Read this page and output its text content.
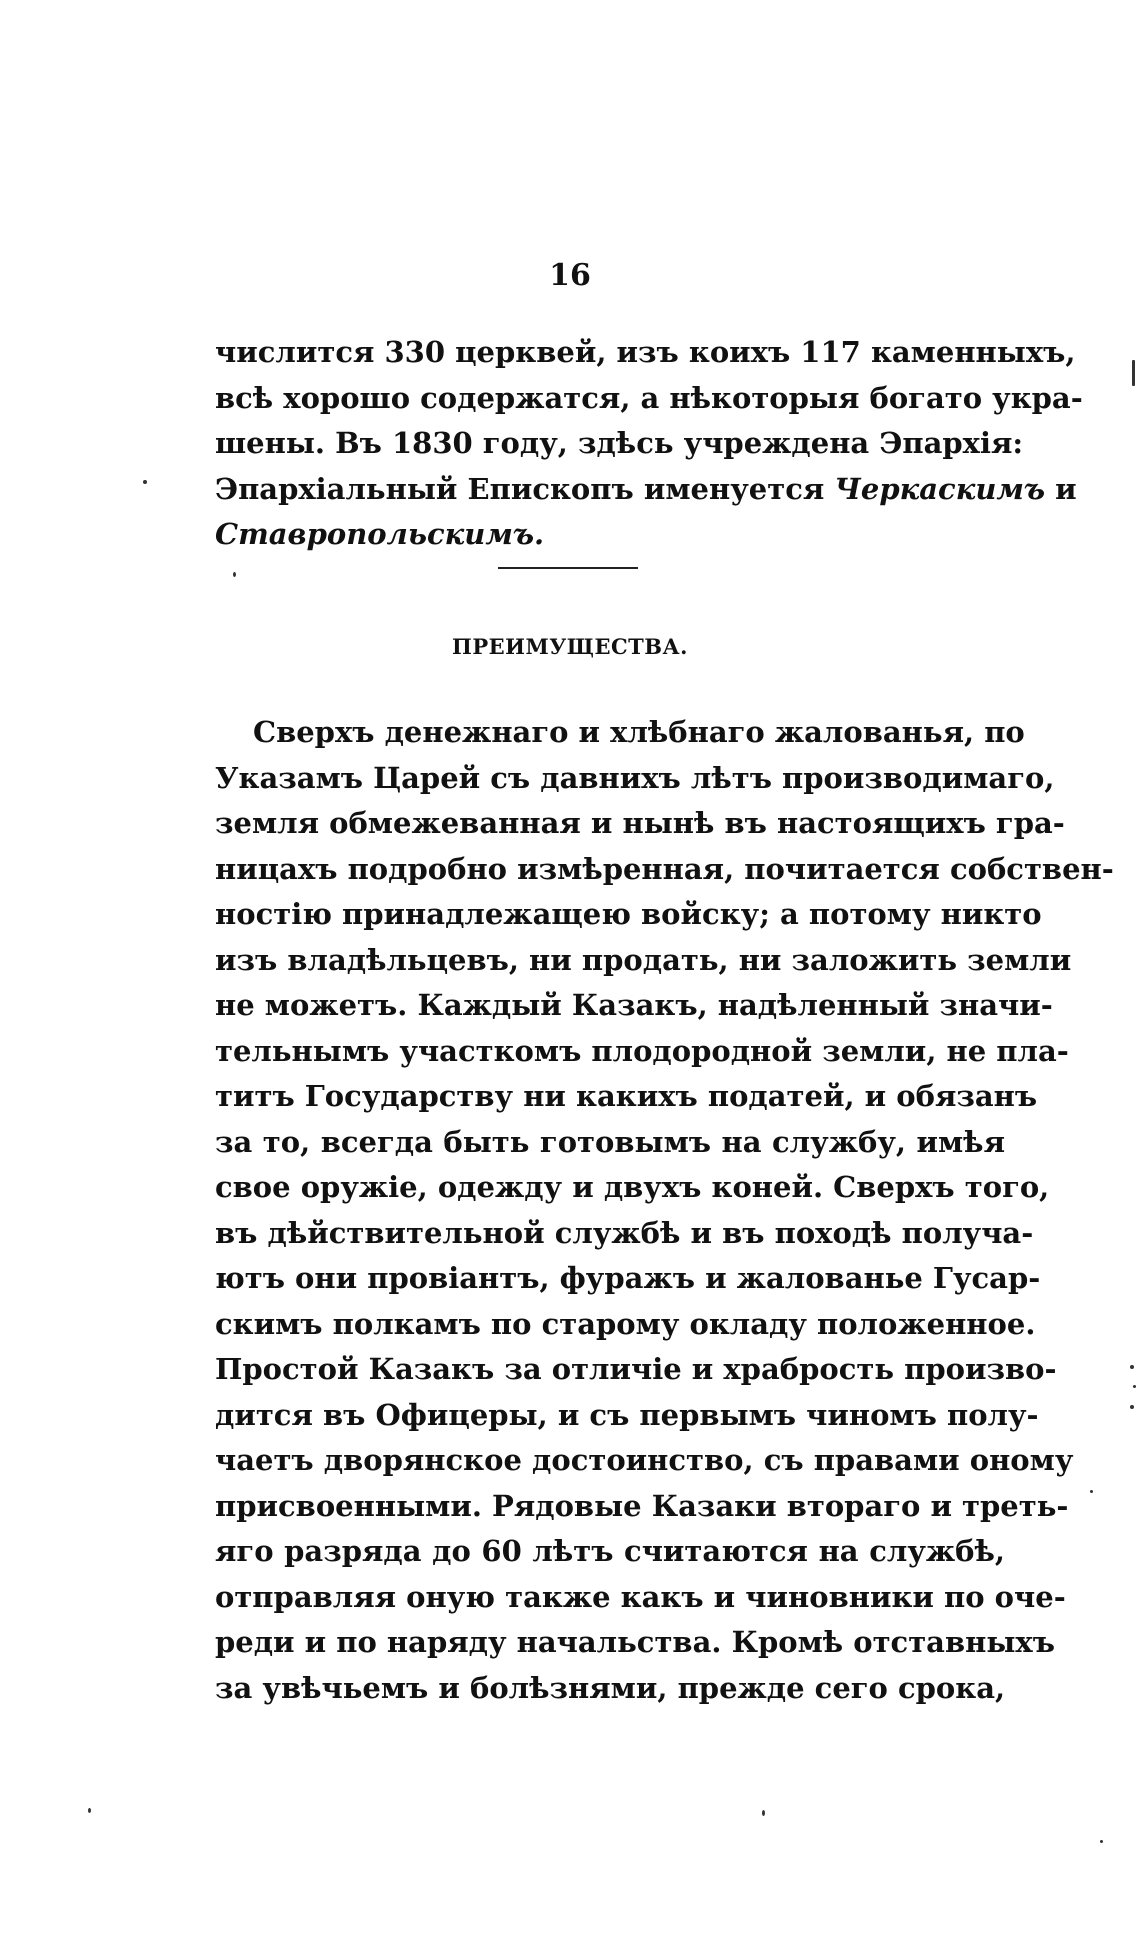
16

числится 330 церквей, изъ коихъ 117 каменныхъ,
всѣ хорошо содержатся, а нѣкоторыя богато укра-
шены. Въ 1830 году, здѣсь учреждена Эпархія:
Эпархіальный Епископъ именуется Черкаскимъ и
Ставропольскимъ.

ПРЕИМУЩЕСТВА.

Сверхъ денежнаго и хлѣбнаго жалованья, по
Указамъ Царей съ давнихъ лѣтъ производимаго,
земля обмежеванная и нынѣ въ настоящихъ гра-
ницахъ подробно измѣренная, почитается собствен-
ностію принадлежащею войску; а потому никто
изъ владѣльцевъ, ни продать, ни заложить земли
не можетъ. Каждый Казакъ, надѣленный значи-
тельнымъ участкомъ плодородной земли, не пла-
титъ Государству ни какихъ податей, и обязанъ
за то, всегда быть готовымъ на службу, имѣя
свое оружіе, одежду и двухъ коней. Сверхъ того,
въ дѣйствительной службѣ и въ походѣ получа-
ютъ они провіантъ, фуражъ и жалованье Гусар-
скимъ полкамъ по старому окладу положенное.
Простой Казакъ за отличіе и храбрость произво-
дится въ Офицеры, и съ первымъ чиномъ полу-
чаетъ дворянское достоинство, съ правами оному
присвоенными. Рядовые Казаки втораго и треть-
яго разряда до 60 лѣтъ считаются на службѣ,
отправляя оную также какъ и чиновники по оче-
реди и по наряду начальства. Кромѣ отставныхъ
за увѣчьемъ и болѣзнями, прежде сего срока,
